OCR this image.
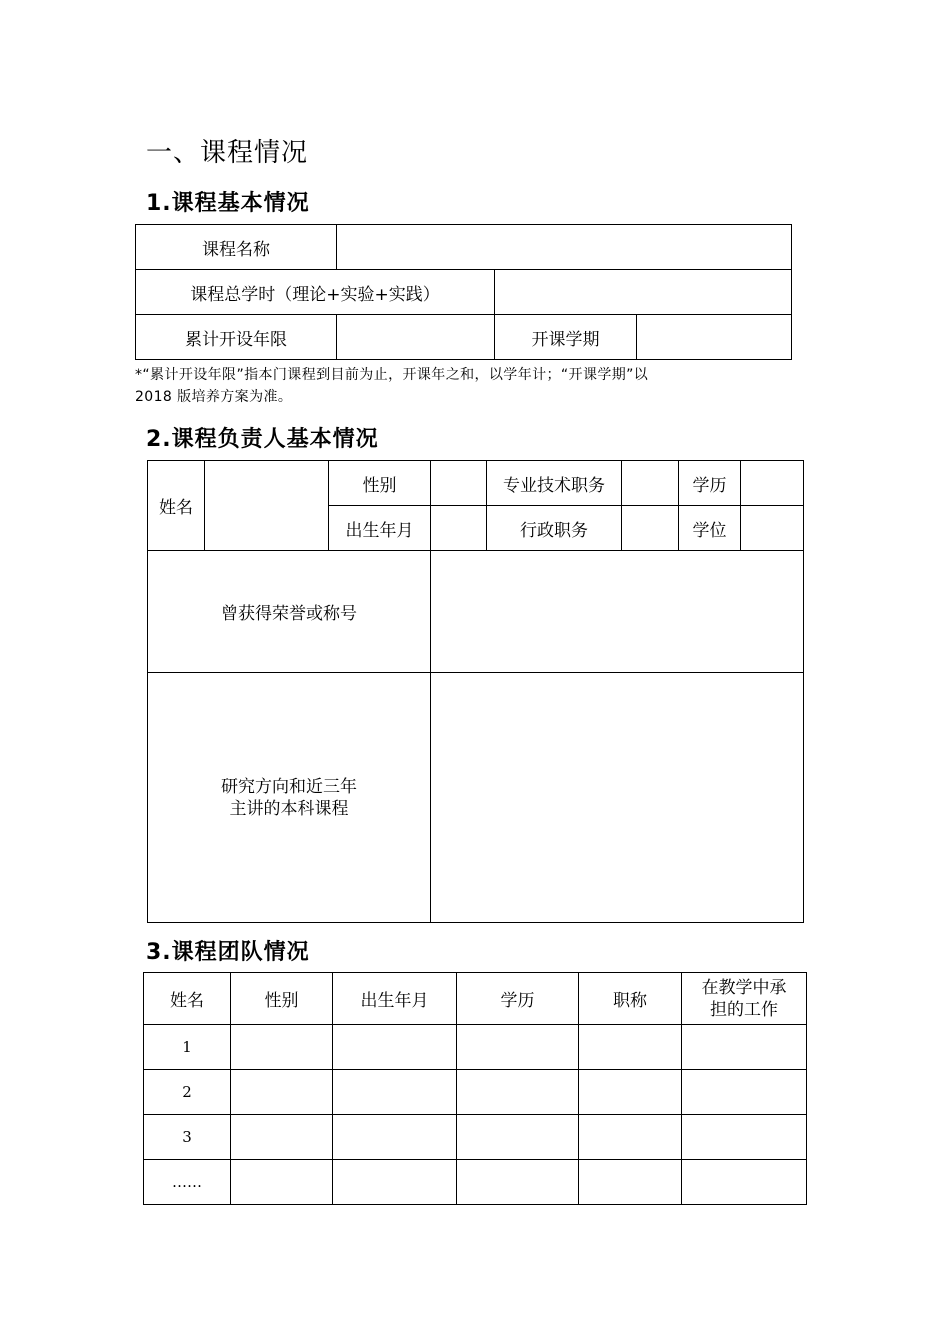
一、课程情况
1.课程基本情况
课程名称			
课程总学时（理论+实验+实践）			
累计开设年限		开课学期	
*“累计开设年限”指本门课程到目前为止，开课年之和，以学年计；“开课学期”以
2018 版培养方案为准。
2.课程负责人基本情况
姓名		性别		专业技术职务		学历	
		出生年月		行政职务		学位	
曾获得荣誉或称号							

研究方向和近三年
主讲的本科课程							

3.课程团队情况
姓名	性别	出生年月	学历	职称	在教学中承
担的工作

1					
2					
3					
……					
